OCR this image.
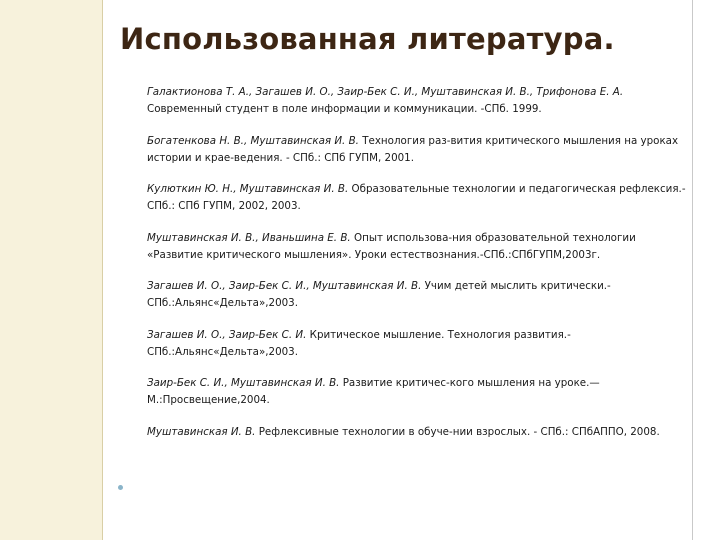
Использованная литература.
Галактионова Т. А., Загашев И. О., Заир-Бек С. И., Муштавинская И. В., Трифонова Е. А. Современный студент в поле информации и коммуникации. -СПб. 1999.
Богатенкова Н. В., Муштавинская И. В. Технология раз-вития критического мышления на уроках истории и крае-ведения. - СПб.: СПб ГУПМ, 2001.
Кулюткин Ю. Н., Муштавинская И. В. Образовательные технологии и педагогическая рефлексия.-СПб.: СПб ГУПМ, 2002, 2003.
Муштавинская И. В., Иваньшина Е. В. Опыт использова-ния образовательной технологии «Развитие критического мышления». Уроки естествознания.-СПб.:СПбГУПМ,2003г.
Загашев И. О., Заир-Бек С. И., Муштавинская И. В. Учим детей мыслить критически.-СПб.:Альянс«Дельта»,2003.
Загашев И. О., Заир-Бек С. И. Критическое мышление. Технология развития.-СПб.:Альянс«Дельта»,2003.
Заир-Бек С. И., Муштавинская И. В. Развитие критичес-кого мышления на уроке.— М.:Просвещение,2004.
Муштавинская И. В. Рефлексивные технологии в обуче-нии взрослых. - СПб.: СПбАППО, 2008.
